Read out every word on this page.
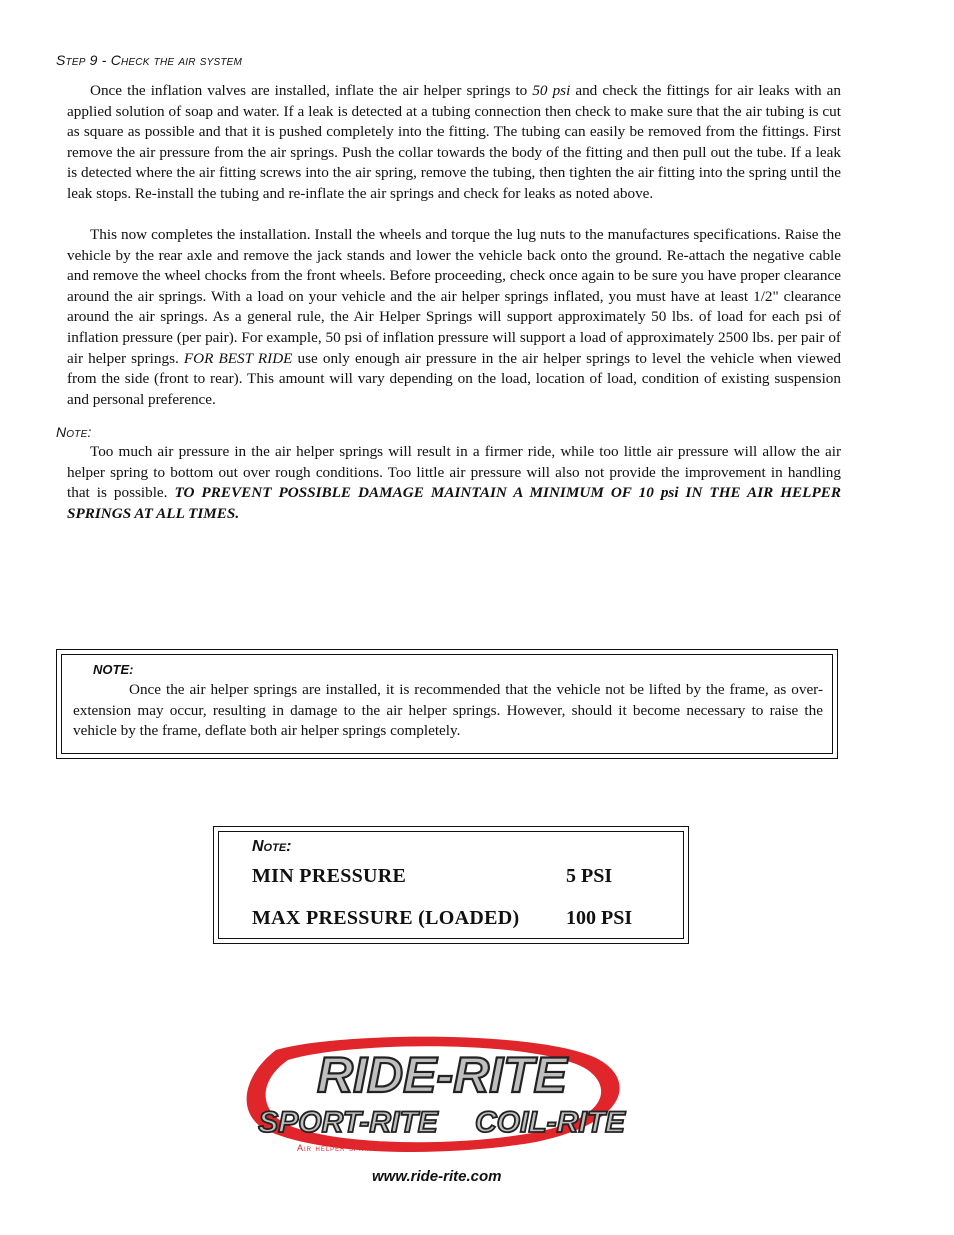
Step 9 - Check the air system

Once the inflation valves are installed, inflate the air helper springs to 50 psi and check the fittings for air leaks with an applied solution of soap and water. If a leak is detected at a tubing connection then check to make sure that the air tubing is cut as square as possible and that it is pushed completely into the fitting. The tubing can easily be removed from the fittings. First remove the air pressure from the air springs. Push the collar towards the body of the fitting and then pull out the tube. If a leak is detected where the air fitting screws into the air spring, remove the tubing, then tighten the air fitting into the spring until the leak stops. Re-install the tubing and re-inflate the air springs and check for leaks as noted above.

This now completes the installation. Install the wheels and torque the lug nuts to the manufactures specifications. Raise the vehicle by the rear axle and remove the jack stands and lower the vehicle back onto the ground. Re-attach the negative cable and remove the wheel chocks from the front wheels. Before proceeding, check once again to be sure you have proper clearance around the air springs. With a load on your vehicle and the air helper springs inflated, you must have at least 1/2" clearance around the air springs. As a general rule, the Air Helper Springs will support approximately 50 lbs. of load for each psi of inflation pressure (per pair). For example, 50 psi of inflation pressure will support a load of approximately 2500 lbs. per pair of air helper springs. FOR BEST RIDE use only enough air pressure in the air helper springs to level the vehicle when viewed from the side (front to rear). This amount will vary depending on the load, location of load, condition of existing suspension and personal preference.

Note:

Too much air pressure in the air helper springs will result in a firmer ride, while too little air pressure will allow the air helper spring to bottom out over rough conditions. Too little air pressure will also not provide the improvement in handling that is possible. TO PREVENT POSSIBLE DAMAGE MAINTAIN A MINIMUM OF 10 psi IN THE AIR HELPER SPRINGS AT ALL TIMES.

NOTE:

Once the air helper springs are installed, it is recommended that the vehicle not be lifted by the frame, as over-extension may occur, resulting in damage to the air helper springs. However, should it become necessary to raise the vehicle by the frame, deflate both air helper springs completely.

Note:
MIN PRESSURE	5 PSI
MAX PRESSURE (LOADED) 100 PSI
RIDE-RITE
SPORT-RITE COIL-RITE
Air helper springs
www.ride-rite.com
